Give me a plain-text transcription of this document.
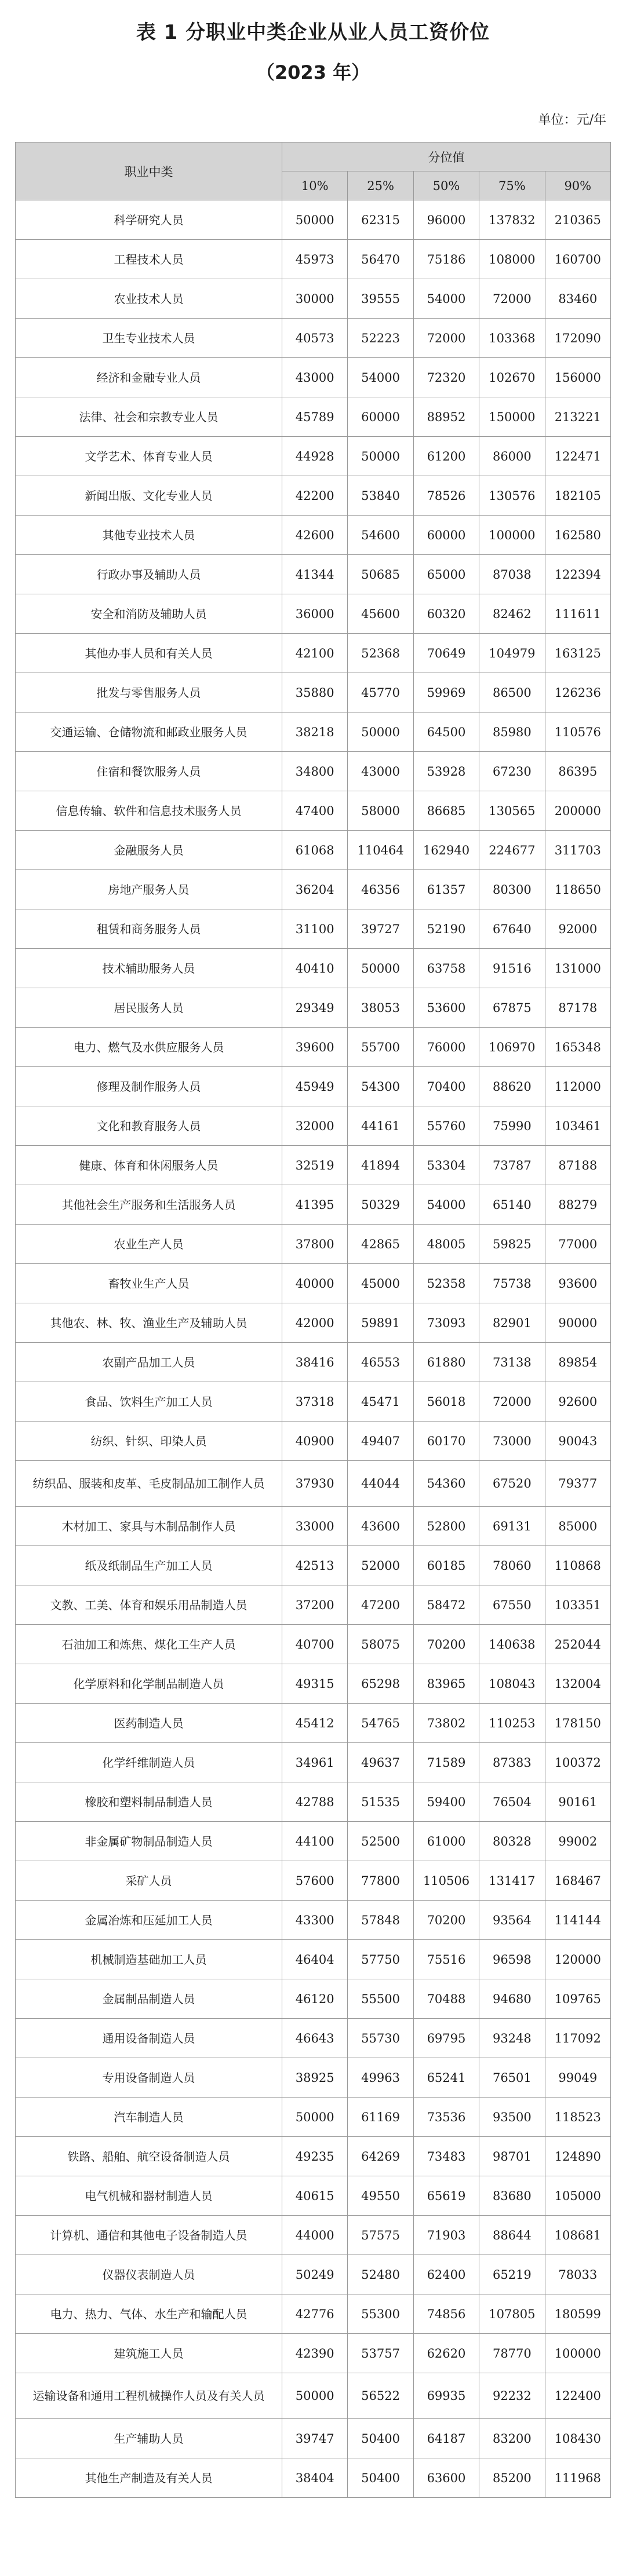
表 1 分职业中类企业从业人员工资价位
（2023 年）
单位：元/年
职业中类	分位值				
	10%	25%	50%	75%	90%
科学研究人员	50000	62315	96000	137832	210365
工程技术人员	45973	56470	75186	108000	160700
农业技术人员	30000	39555	54000	72000	83460
卫生专业技术人员	40573	52223	72000	103368	172090
经济和金融专业人员	43000	54000	72320	102670	156000
法律、社会和宗教专业人员	45789	60000	88952	150000	213221
文学艺术、体育专业人员	44928	50000	61200	86000	122471
新闻出版、文化专业人员	42200	53840	78526	130576	182105
其他专业技术人员	42600	54600	60000	100000	162580
行政办事及辅助人员	41344	50685	65000	87038	122394
安全和消防及辅助人员	36000	45600	60320	82462	111611
其他办事人员和有关人员	42100	52368	70649	104979	163125
批发与零售服务人员	35880	45770	59969	86500	126236
交通运输、仓储物流和邮政业服务人员	38218	50000	64500	85980	110576
住宿和餐饮服务人员	34800	43000	53928	67230	86395
信息传输、软件和信息技术服务人员	47400	58000	86685	130565	200000
金融服务人员	61068	110464	162940	224677	311703
房地产服务人员	36204	46356	61357	80300	118650
租赁和商务服务人员	31100	39727	52190	67640	92000
技术辅助服务人员	40410	50000	63758	91516	131000
居民服务人员	29349	38053	53600	67875	87178
电力、燃气及水供应服务人员	39600	55700	76000	106970	165348
修理及制作服务人员	45949	54300	70400	88620	112000
文化和教育服务人员	32000	44161	55760	75990	103461
健康、体育和休闲服务人员	32519	41894	53304	73787	87188
其他社会生产服务和生活服务人员	41395	50329	54000	65140	88279
农业生产人员	37800	42865	48005	59825	77000
畜牧业生产人员	40000	45000	52358	75738	93600
其他农、林、牧、渔业生产及辅助人员	42000	59891	73093	82901	90000
农副产品加工人员	38416	46553	61880	73138	89854
食品、饮料生产加工人员	37318	45471	56018	72000	92600
纺织、针织、印染人员	40900	49407	60170	73000	90043
纺织品、服装和皮革、毛皮制品加工制作人员	37930	44044	54360	67520	79377
木材加工、家具与木制品制作人员	33000	43600	52800	69131	85000
纸及纸制品生产加工人员	42513	52000	60185	78060	110868
文教、工美、体育和娱乐用品制造人员	37200	47200	58472	67550	103351
石油加工和炼焦、煤化工生产人员	40700	58075	70200	140638	252044
化学原料和化学制品制造人员	49315	65298	83965	108043	132004
医药制造人员	45412	54765	73802	110253	178150
化学纤维制造人员	34961	49637	71589	87383	100372
橡胶和塑料制品制造人员	42788	51535	59400	76504	90161
非金属矿物制品制造人员	44100	52500	61000	80328	99002
采矿人员	57600	77800	110506	131417	168467
金属冶炼和压延加工人员	43300	57848	70200	93564	114144
机械制造基础加工人员	46404	57750	75516	96598	120000
金属制品制造人员	46120	55500	70488	94680	109765
通用设备制造人员	46643	55730	69795	93248	117092
专用设备制造人员	38925	49963	65241	76501	99049
汽车制造人员	50000	61169	73536	93500	118523
铁路、船舶、航空设备制造人员	49235	64269	73483	98701	124890
电气机械和器材制造人员	40615	49550	65619	83680	105000
计算机、通信和其他电子设备制造人员	44000	57575	71903	88644	108681
仪器仪表制造人员	50249	52480	62400	65219	78033
电力、热力、气体、水生产和输配人员	42776	55300	74856	107805	180599
建筑施工人员	42390	53757	62620	78770	100000
运输设备和通用工程机械操作人员及有关人员	50000	56522	69935	92232	122400
生产辅助人员	39747	50400	64187	83200	108430
其他生产制造及有关人员	38404	50400	63600	85200	111968
